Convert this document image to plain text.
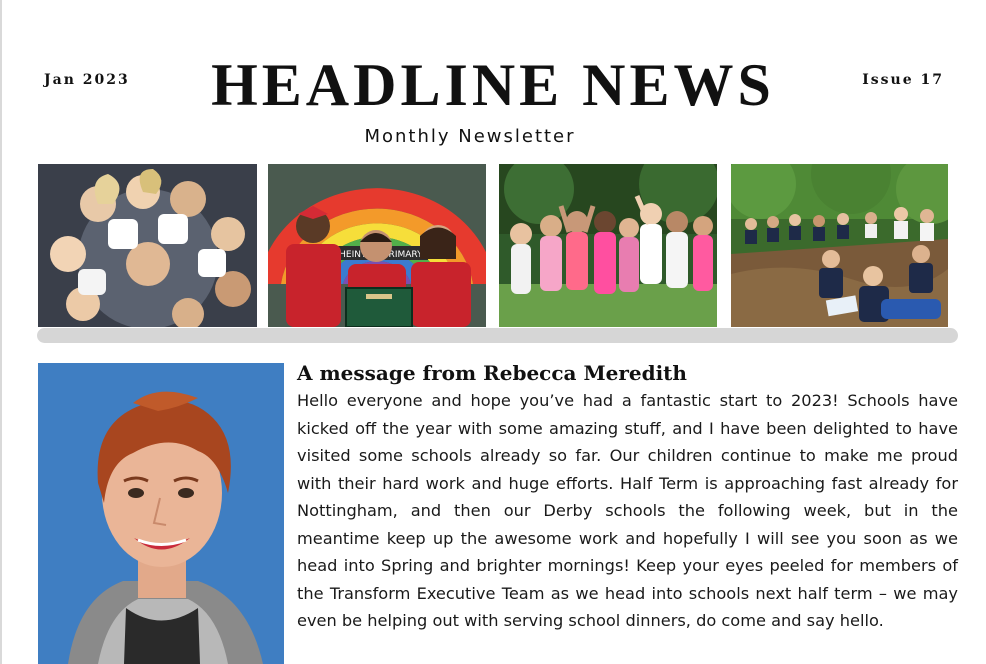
Jan 2023	HEADLINE NEWS	Issue 17
Monthly Newsletter
SHEINTON PRIMARY
A message from Rebecca Meredith

Hello everyone and hope you’ve had a fantastic start to 2023! Schools have kicked off the year with some amazing stuff, and I have been delighted to have visited some schools already so far. Our children continue to make me proud with their hard work and huge efforts. Half Term is approaching fast already for Nottingham, and then our Derby schools the following week, but in the meantime keep up the awesome work and hopefully I will see you soon as we head into Spring and brighter mornings! Keep your eyes peeled for members of the Transform Executive Team as we head into schools next half term – we may even be helping out with serving school dinners, do come and say hello.
